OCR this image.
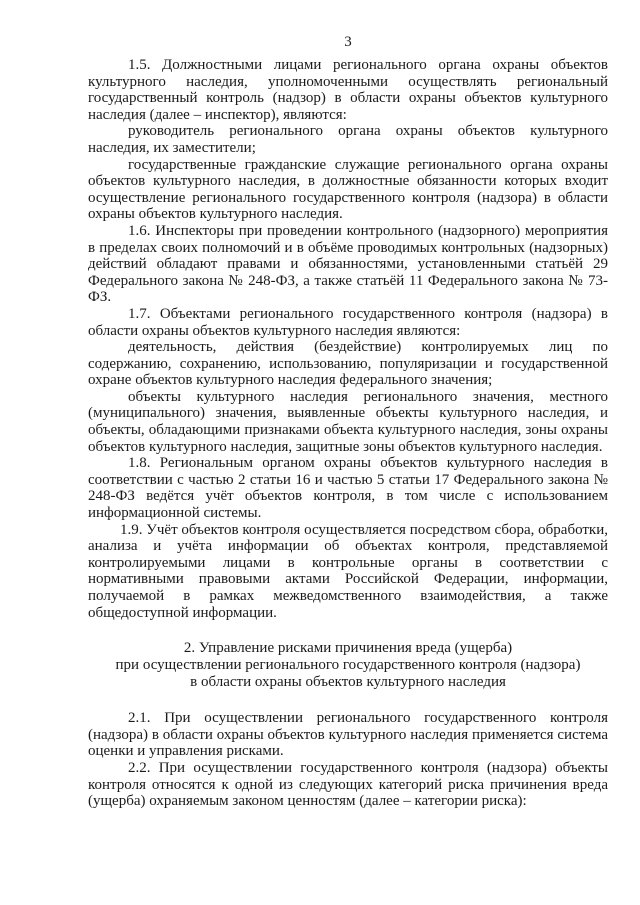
3

1.5. Должностными лицами регионального органа охраны объектов культурного наследия, уполномоченными осуществлять региональный государственный контроль (надзор) в области охраны объектов культурного наследия (далее – инспектор), являются:

руководитель регионального органа охраны объектов культурного наследия, их заместители;

государственные гражданские служащие регионального органа охраны объектов культурного наследия, в должностные обязанности которых входит осуществление регионального государственного контроля (надзора) в области охраны объектов культурного наследия.

1.6. Инспекторы при проведении контрольного (надзорного) мероприятия в пределах своих полномочий и в объёме проводимых контрольных (надзорных) действий обладают правами и обязанностями, установленными статьёй 29 Федерального закона № 248-ФЗ, а также статьёй 11 Федерального закона № 73-ФЗ.

1.7. Объектами регионального государственного контроля (надзора) в области охраны объектов культурного наследия являются:

деятельность, действия (бездействие) контролируемых лиц по содержанию, сохранению, использованию, популяризации и государственной охране объектов культурного наследия федерального значения;

объекты культурного наследия регионального значения, местного (муниципального) значения, выявленные объекты культурного наследия, и объекты, обладающими признаками объекта культурного наследия, зоны охраны объектов культурного наследия, защитные зоны объектов культурного наследия.

1.8. Региональным органом охраны объектов культурного наследия в соответствии с частью 2 статьи 16 и частью 5 статьи 17 Федерального закона № 248-ФЗ ведётся учёт объектов контроля, в том числе с использованием информационной системы.

1.9. Учёт объектов контроля осуществляется посредством сбора, обработки, анализа и учёта информации об объектах контроля, представляемой контролируемыми лицами в контрольные органы в соответствии с нормативными правовыми актами Российской Федерации, информации, получаемой в рамках межведомственного взаимодействия, а также общедоступной информации.

2. Управление рисками причинения вреда (ущерба)
при осуществлении регионального государственного контроля (надзора)
в области охраны объектов культурного наследия

2.1. При осуществлении регионального государственного контроля (надзора) в области охраны объектов культурного наследия применяется система оценки и управления рисками.

2.2. При осуществлении государственного контроля (надзора) объекты контроля относятся к одной из следующих категорий риска причинения вреда (ущерба) охраняемым законом ценностям (далее – категории риска):
